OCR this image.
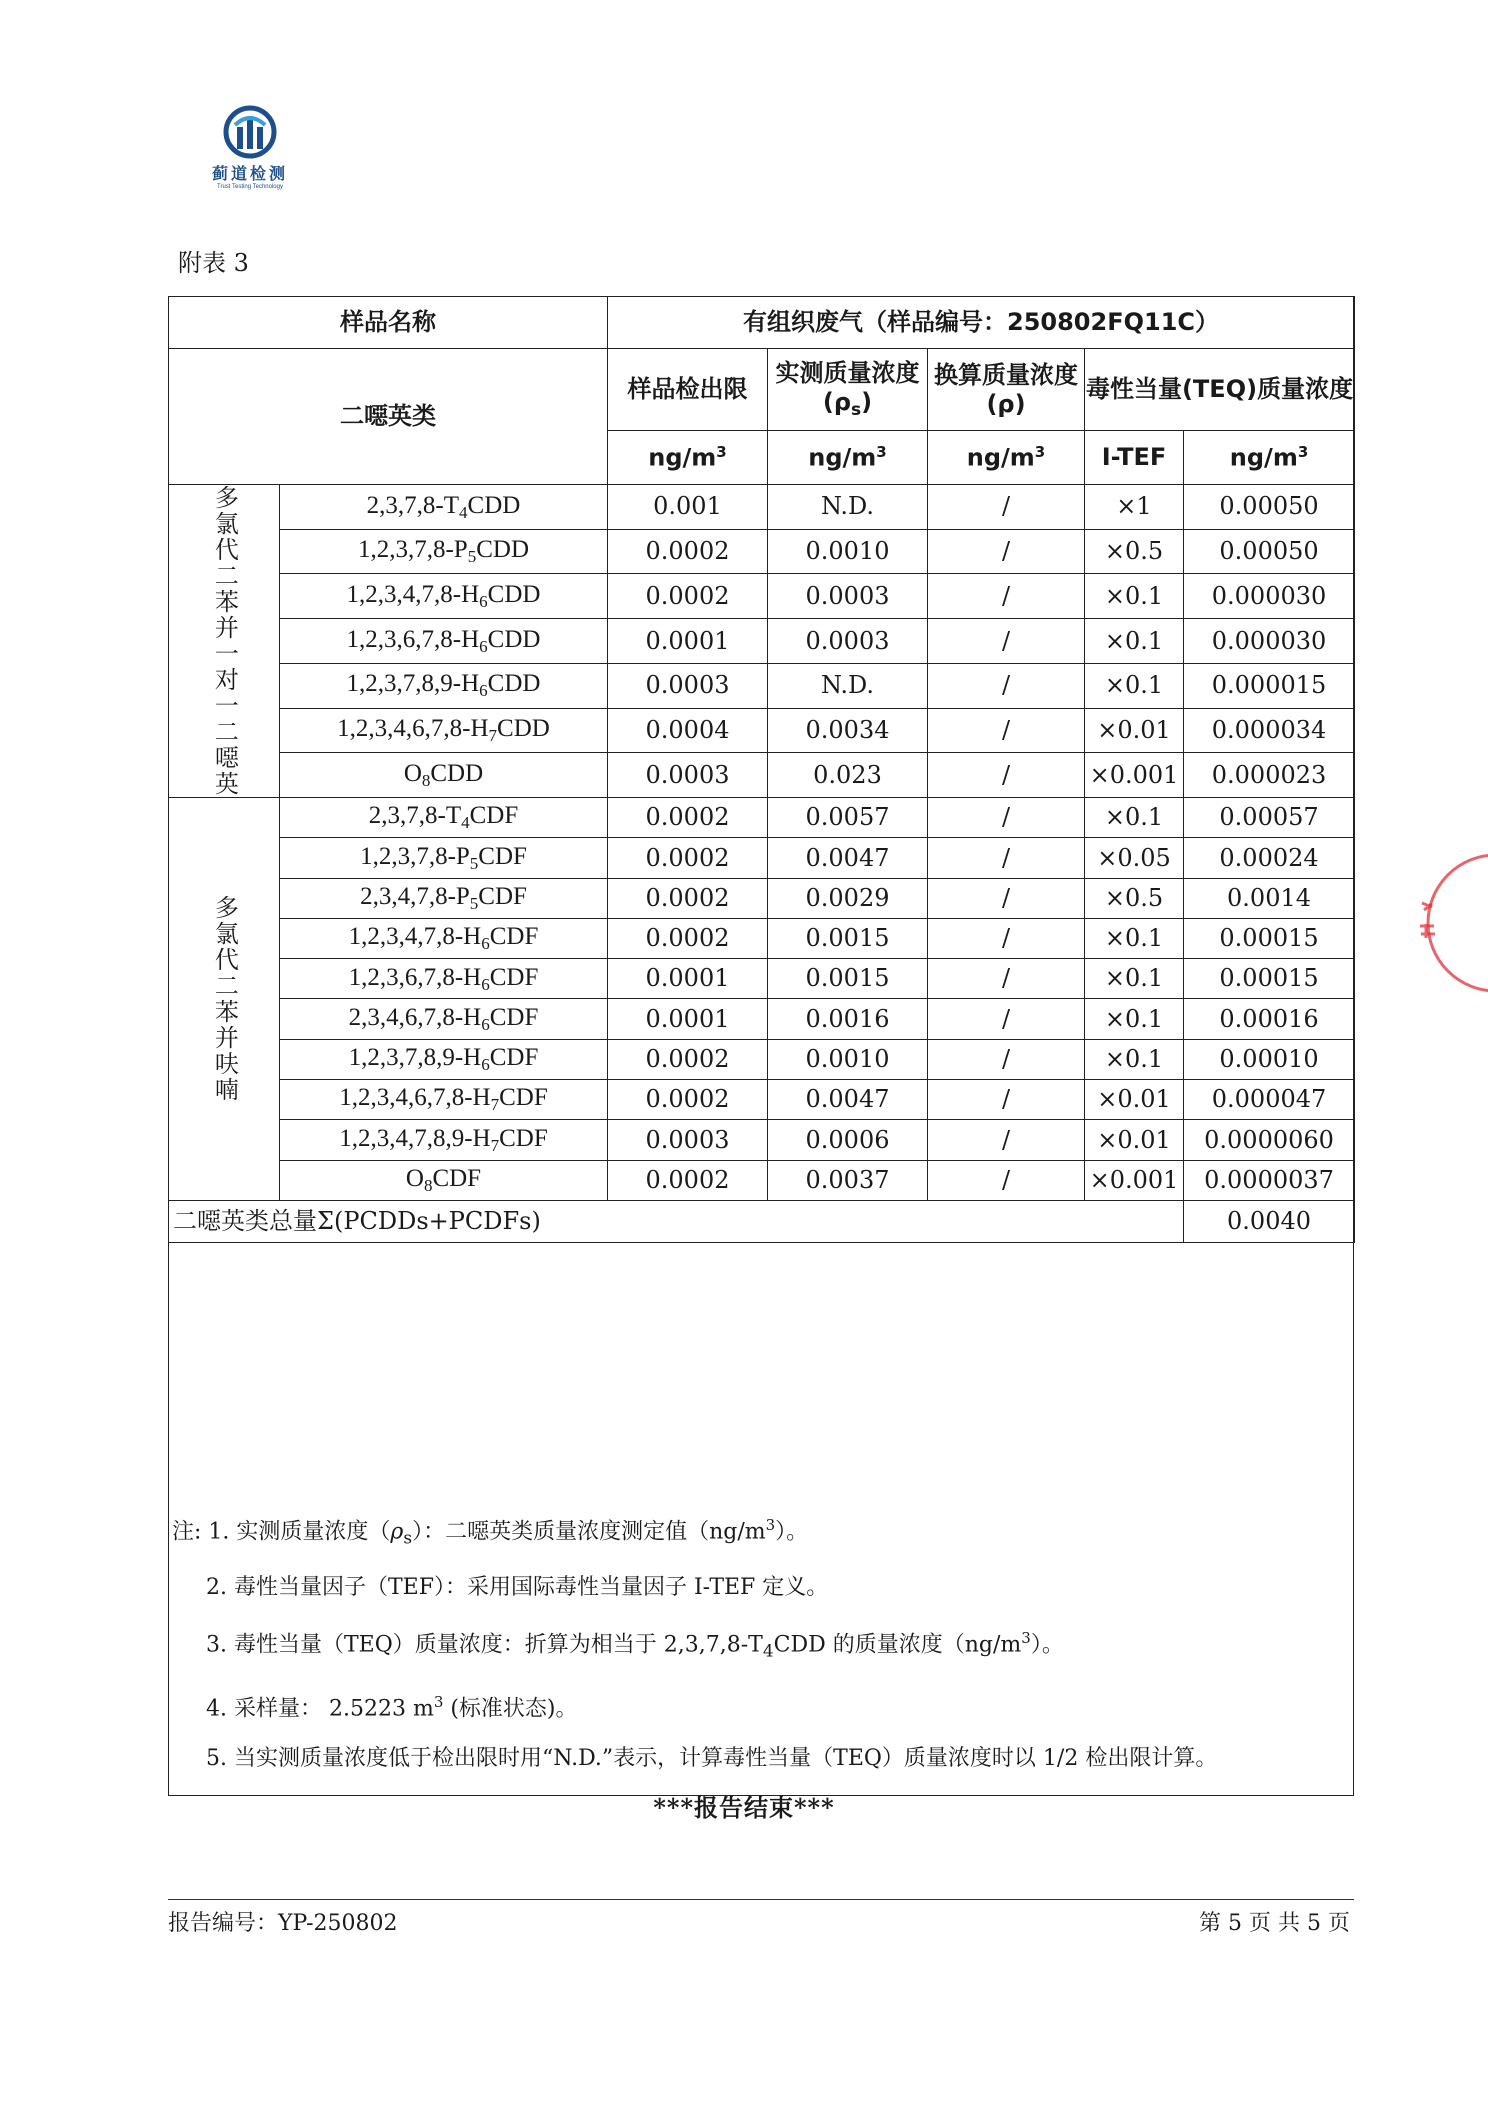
蓟道检测
Trust Testing Technology
附表 3
样品名称		有组织废气（样品编号：250802FQ11C）				
二噁英类		样品检出限	实测质量浓度$(\rho_s)$	换算质量浓度(ρ)	毒性当量(TEQ)质量浓度	
		$ng/m^3$	$ng/m^3$	$ng/m^3$	I-TEF	$ng/m^3$
多氯代二苯并一对一二噁英	$2,3,7,8-T_4CDD$	0.001	N.D.	/	×1	0.00050
	$1,2,3,7,8-P_5CDD$	0.0002	0.0010	/	×0.5	0.00050
	$1,2,3,4,7,8-H_6CDD$	0.0002	0.0003	/	×0.1	0.000030
	$1,2,3,6,7,8-H_6CDD$	0.0001	0.0003	/	×0.1	0.000030
	$1,2,3,7,8,9-H_6CDD$	0.0003	N.D.	/	×0.1	0.000015
	$1,2,3,4,6,7,8-H_7CDD$	0.0004	0.0034	/	×0.01	0.000034
	$O_8CDD$	0.0003	0.023	/	×0.001	0.000023
多氯代二苯并呋喃	$2,3,7,8-T_4CDF$	0.0002	0.0057	/	×0.1	0.00057
	$1,2,3,7,8-P_5CDF$	0.0002	0.0047	/	×0.05	0.00024
	$2,3,4,7,8-P_5CDF$	0.0002	0.0029	/	×0.5	0.0014
	$1,2,3,4,7,8-H_6CDF$	0.0002	0.0015	/	×0.1	0.00015
	$1,2,3,6,7,8-H_6CDF$	0.0001	0.0015	/	×0.1	0.00015
	$2,3,4,6,7,8-H_6CDF$	0.0001	0.0016	/	×0.1	0.00016
	$1,2,3,7,8,9-H_6CDF$	0.0002	0.0010	/	×0.1	0.00010
	$1,2,3,4,6,7,8-H_7CDF$	0.0002	0.0047	/	×0.01	0.000047
	$1,2,3,4,7,8,9-H_7CDF$	0.0003	0.0006	/	×0.01	0.0000060
	$O_8CDF$	0.0002	0.0037	/	×0.001	0.0000037
二噁英类总量Σ(PCDDs+PCDFs)						0.0040
注: 1. 实测质量浓度$(\rho_s)$：二噁英类质量浓度测定值$(ng/m^3)$。
2. 毒性当量因子（TEF）：采用国际毒性当量因子 I-TEF 定义。
3. 毒性当量（TEQ）质量浓度：折算为相当于 $2,3,7,8-T_4CDD$ 的质量浓度$(ng/m^3)$。
4. 采样量： 2.5223 $m^3$ (标准状态)。
5. 当实测质量浓度低于检出限时用“N.D.”表示，计算毒性当量（TEQ）质量浓度时以 1/2 检出限计算。
***报告结束***
报告编号：YP-250802	第 5 页 共 5 页
